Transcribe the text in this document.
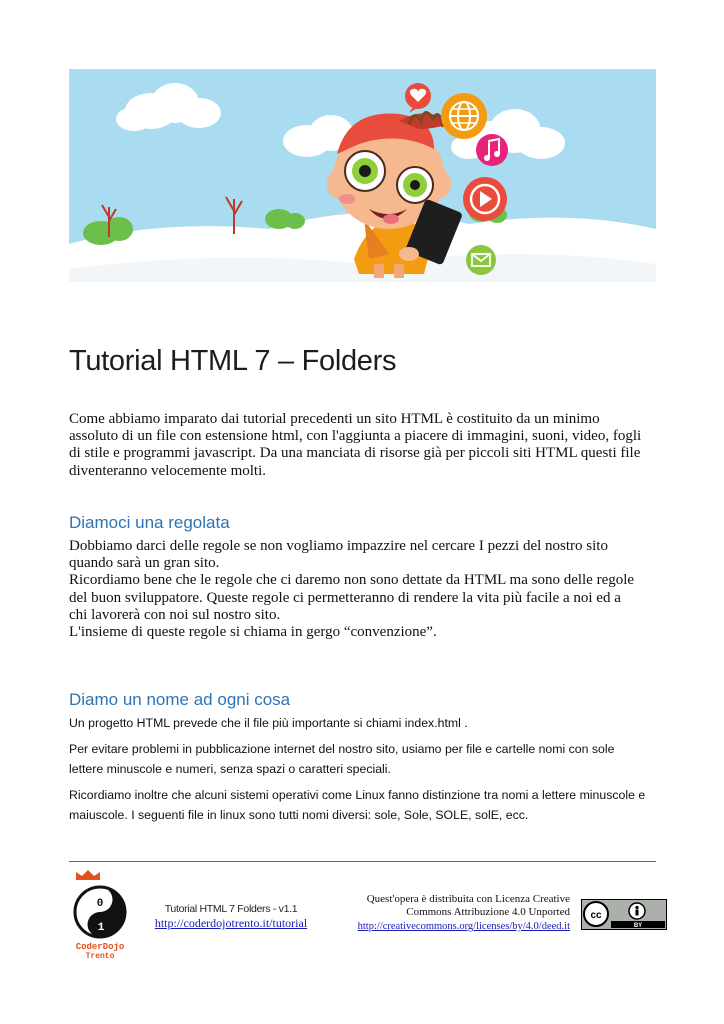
Tutorial HTML 7 – Folders

Come abbiamo imparato dai tutorial precedenti un sito HTML è costituito da un minimo
assoluto di un file con estensione html, con l'aggiunta a piacere di immagini, suoni, video, fogli
di stile e programmi javascript. Da una manciata di risorse già per piccoli siti HTML questi file
diventeranno velocemente molti.

Diamoci una regolata

Dobbiamo darci delle regole se non vogliamo impazzire nel cercare I pezzi del nostro sito
quando sarà un gran sito.
Ricordiamo bene che le regole che ci daremo non sono dettate da HTML ma sono delle regole
del buon sviluppatore. Queste regole ci permetteranno di rendere la vita più facile a noi ed a
chi lavorerà con noi sul nostro sito.
L'insieme di queste regole si chiama in gergo “convenzione”.

Diamo un nome ad ogni cosa

Un progetto HTML prevede che il file più importante si chiami index.html .

Per evitare problemi in pubblicazione internet del nostro sito, usiamo per file e cartelle nomi con sole
lettere minuscole e numeri, senza spazi o caratteri speciali.

Ricordiamo inoltre che alcuni sistemi operativi come Linux fanno distinzione tra nomi a lettere minuscole e
maiuscole. I seguenti file in linux sono tutti nomi diversi: sole, Sole, SOLE, solE, ecc.

0
1
CoderDojo
Trento
Tutorial HTML 7 Folders - v1.1
http://coderdojotrento.it/tutorial
Quest'opera è distribuita con Licenza Creative
Commons Attribuzione 4.0 Unported
http://creativecommons.org/licenses/by/4.0/deed.it
cc
BY
